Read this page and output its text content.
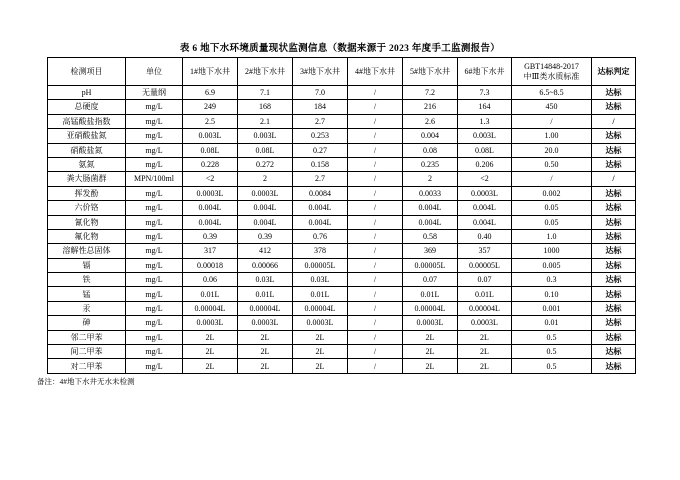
表 6 地下水环境质量现状监测信息（数据来源于 2023 年度手工监测报告）
检测项目	单位	1#地下水井	2#地下水井	3#地下水井	4#地下水井	5#地下水井	6#地下水井	GBT14848-2017
中Ⅲ类水质标准	达标判定
pH	无量纲	6.9	7.1	7.0	/	7.2	7.3	6.5~8.5	达标
总硬度	mg/L	249	168	184	/	216	164	450	达标
高锰酸盐指数	mg/L	2.5	2.1	2.7	/	2.6	1.3	/	/
亚硝酸盐氮	mg/L	0.003L	0.003L	0.253	/	0.004	0.003L	1.00	达标
硝酸盐氮	mg/L	0.08L	0.08L	0.27	/	0.08	0.08L	20.0	达标
氨氮	mg/L	0.228	0.272	0.158	/	0.235	0.206	0.50	达标
粪大肠菌群	MPN/100ml	<2	2	2.7	/	2	<2	/	/
挥发酚	mg/L	0.0003L	0.0003L	0.0084	/	0.0033	0.0003L	0.002	达标
六价铬	mg/L	0.004L	0.004L	0.004L	/	0.004L	0.004L	0.05	达标
氰化物	mg/L	0.004L	0.004L	0.004L	/	0.004L	0.004L	0.05	达标
氟化物	mg/L	0.39	0.39	0.76	/	0.58	0.40	1.0	达标
溶解性总固体	mg/L	317	412	378	/	369	357	1000	达标
镉	mg/L	0.00018	0.00066	0.00005L	/	0.00005L	0.00005L	0.005	达标
铁	mg/L	0.06	0.03L	0.03L	/	0.07	0.07	0.3	达标
锰	mg/L	0.01L	0.01L	0.01L	/	0.01L	0.01L	0.10	达标
汞	mg/L	0.00004L	0.00004L	0.00004L	/	0.00004L	0.00004L	0.001	达标
砷	mg/L	0.0003L	0.0003L	0.0003L	/	0.0003L	0.0003L	0.01	达标
邻二甲苯	mg/L	2L	2L	2L	/	2L	2L	0.5	达标
间二甲苯	mg/L	2L	2L	2L	/	2L	2L	0.5	达标
对二甲苯	mg/L	2L	2L	2L	/	2L	2L	0.5	达标
备注：4#地下水井无水未检测
